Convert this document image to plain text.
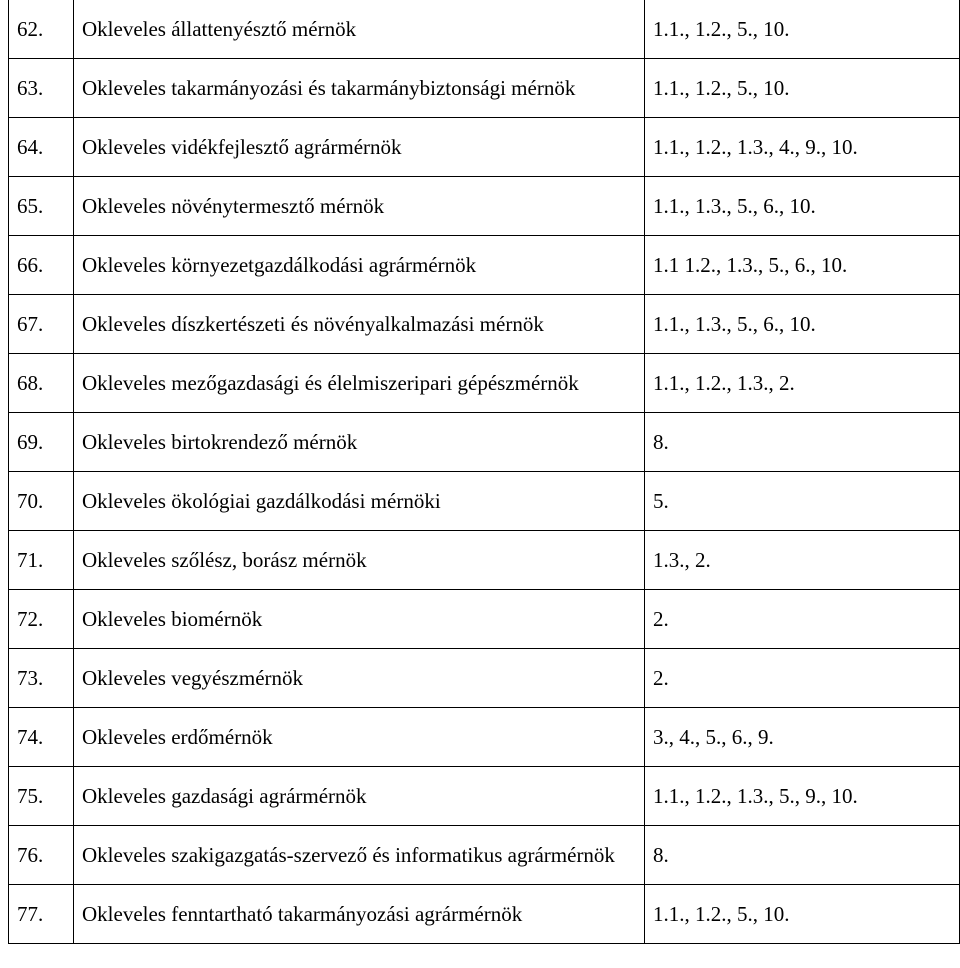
62.	Okleveles állattenyésztő mérnök	1.1., 1.2., 5., 10.
63.	Okleveles takarmányozási és takarmánybiztonsági mérnök	1.1., 1.2., 5., 10.
64.	Okleveles vidékfejlesztő agrármérnök	1.1., 1.2., 1.3., 4., 9., 10.
65.	Okleveles növénytermesztő mérnök	1.1., 1.3., 5., 6., 10.
66.	Okleveles környezetgazdálkodási agrármérnök	1.1 1.2., 1.3., 5., 6., 10.
67.	Okleveles díszkertészeti és növényalkalmazási mérnök	1.1., 1.3., 5., 6., 10.
68.	Okleveles mezőgazdasági és élelmiszeripari gépészmérnök	1.1., 1.2., 1.3., 2.
69.	Okleveles birtokrendező mérnök	8.
70.	Okleveles ökológiai gazdálkodási mérnöki	5.
71.	Okleveles szőlész, borász mérnök	1.3., 2.
72.	Okleveles biomérnök	2.
73.	Okleveles vegyészmérnök	2.
74.	Okleveles erdőmérnök	3., 4., 5., 6., 9.
75.	Okleveles gazdasági agrármérnök	1.1., 1.2., 1.3., 5., 9., 10.
76.	Okleveles szakigazgatás-szervező és informatikus agrármérnök	8.
77.	Okleveles fenntartható takarmányozási agrármérnök	1.1., 1.2., 5., 10.
